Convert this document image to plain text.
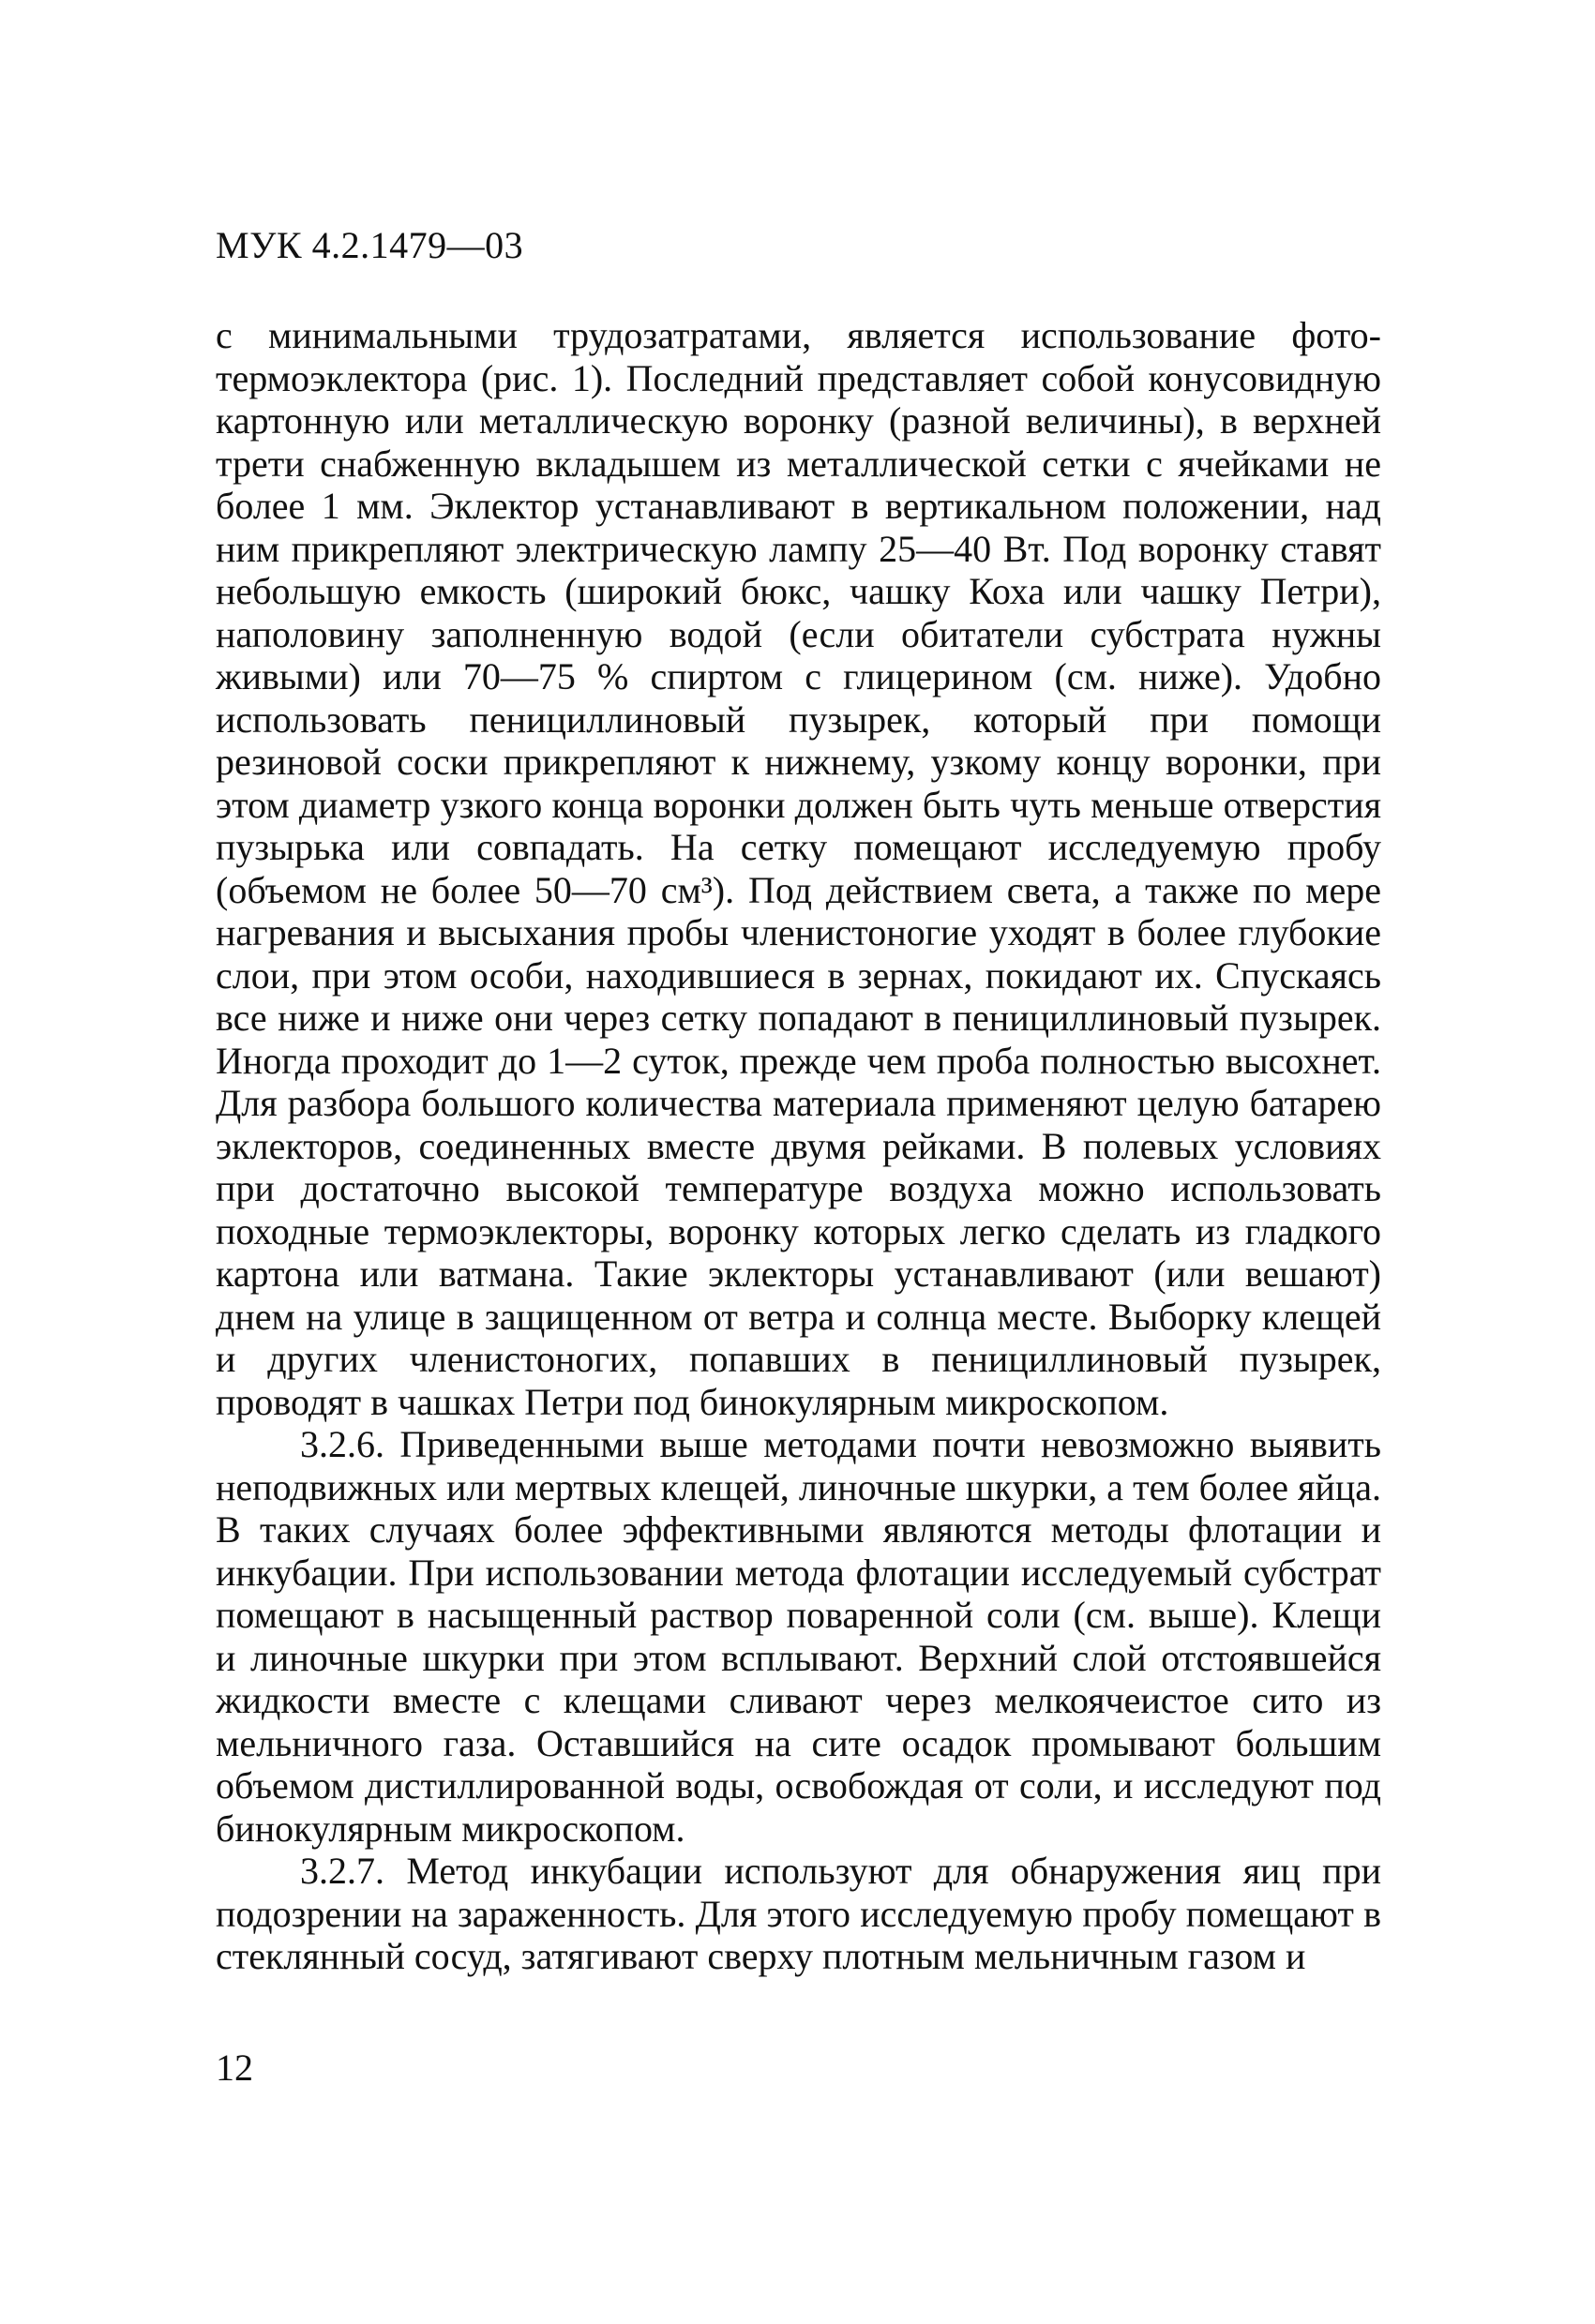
МУК 4.2.1479—03

с минимальными трудозатратами, является использование фото-термоэклектора (рис. 1). Последний представляет собой конусовидную картонную или металлическую воронку (разной величины), в верхней трети снабженную вкладышем из металлической сетки с ячейками не более 1 мм. Эклектор устанавливают в вертикальном положении, над ним прикрепляют электрическую лампу 25—40 Вт. Под воронку ставят небольшую емкость (широкий бюкс, чашку Коха или чашку Петри), наполовину заполненную водой (если обитатели субстрата нужны живыми) или 70—75 % спиртом с глицерином (см. ниже). Удобно использовать пенициллиновый пузырек, который при помощи резиновой соски прикрепляют к нижнему, узкому концу воронки, при этом диаметр узкого конца воронки должен быть чуть меньше отверстия пузырька или совпадать. На сетку помещают исследуемую пробу (объемом не более 50—70 см³). Под действием света, а также по мере нагревания и высыхания пробы членистоногие уходят в более глубокие слои, при этом особи, находившиеся в зернах, покидают их. Спускаясь все ниже и ниже они через сетку попадают в пенициллиновый пузырек. Иногда проходит до 1—2 суток, прежде чем проба полностью высохнет. Для разбора большого количества материала применяют целую батарею эклекторов, соединенных вместе двумя рейками. В полевых условиях при достаточно высокой температуре воздуха можно использовать походные термоэклекторы, воронку которых легко сделать из гладкого картона или ватмана. Такие эклекторы устанавливают (или вешают) днем на улице в защищенном от ветра и солнца месте. Выборку клещей и других членистоногих, попавших в пенициллиновый пузырек, проводят в чашках Петри под бинокулярным микроскопом.

3.2.6. Приведенными выше методами почти невозможно выявить неподвижных или мертвых клещей, линочные шкурки, а тем более яйца. В таких случаях более эффективными являются методы флотации и инкубации. При использовании метода флотации исследуемый субстрат помещают в насыщенный раствор поваренной соли (см. выше). Клещи и линочные шкурки при этом всплывают. Верхний слой отстоявшейся жидкости вместе с клещами сливают через мелкоячеистое сито из мельничного газа. Оставшийся на сите осадок промывают большим объемом дистиллированной воды, освобождая от соли, и исследуют под бинокулярным микроскопом.

3.2.7. Метод инкубации используют для обнаружения яиц при подозрении на зараженность. Для этого исследуемую пробу помещают в стеклянный сосуд, затягивают сверху плотным мельничным газом и

12
